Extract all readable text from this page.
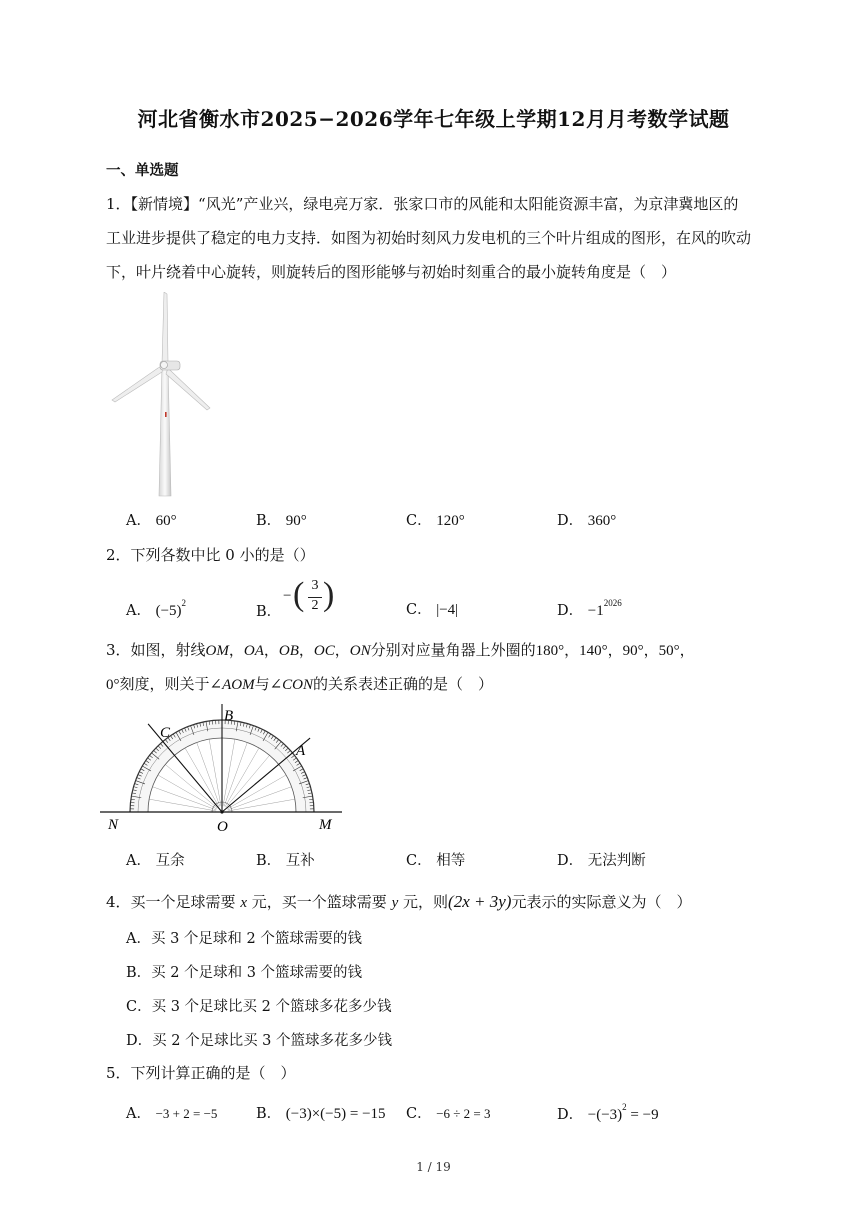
河北省衡水市2025−2026学年七年级上学期12月月考数学试题
一、单选题
1．【新情境】“风光”产业兴，绿电亮万家．张家口市的风能和太阳能资源丰富，为京津冀地区的
工业进步提供了稳定的电力支持．如图为初始时刻风力发电机的三个叶片组成的图形，在风的吹动
下，叶片绕着中心旋转，则旋转后的图形能够与初始时刻重合的最小旋转角度是（　）
A． 60°	B． 90°	C． 120°	D． 360°
2．下列各数中比 0 小的是（）
A． $(-5)^2$
B．
− ( 3
2 )	C． |−4|	D． $-1^{2026}$
3．如图，射线OM，OA，OB，OC，ON分别对应量角器上外圈的180°，140°，90°，50°，
0°刻度，则关于∠AOM与∠CON的关系表述正确的是（　）
O
N	M
B
C
A
A． 互余	B． 互补	C． 相等	D． 无法判断
4．买一个足球需要 x 元，买一个篮球需要 y 元，则(2x + 3y)元表示的实际意义为（　）
A．买 3 个足球和 2 个篮球需要的钱
B．买 2 个足球和 3 个篮球需要的钱
C．买 3 个足球比买 2 个篮球多花多少钱
D．买 2 个足球比买 3 个篮球多花多少钱
5．下列计算正确的是（　）
A． −3 + 2 = −5	B． (−3)×(−5) = −15 C． −6 ÷ 2 = 3	D． $-(-3)^2 = -9$
1 / 19
